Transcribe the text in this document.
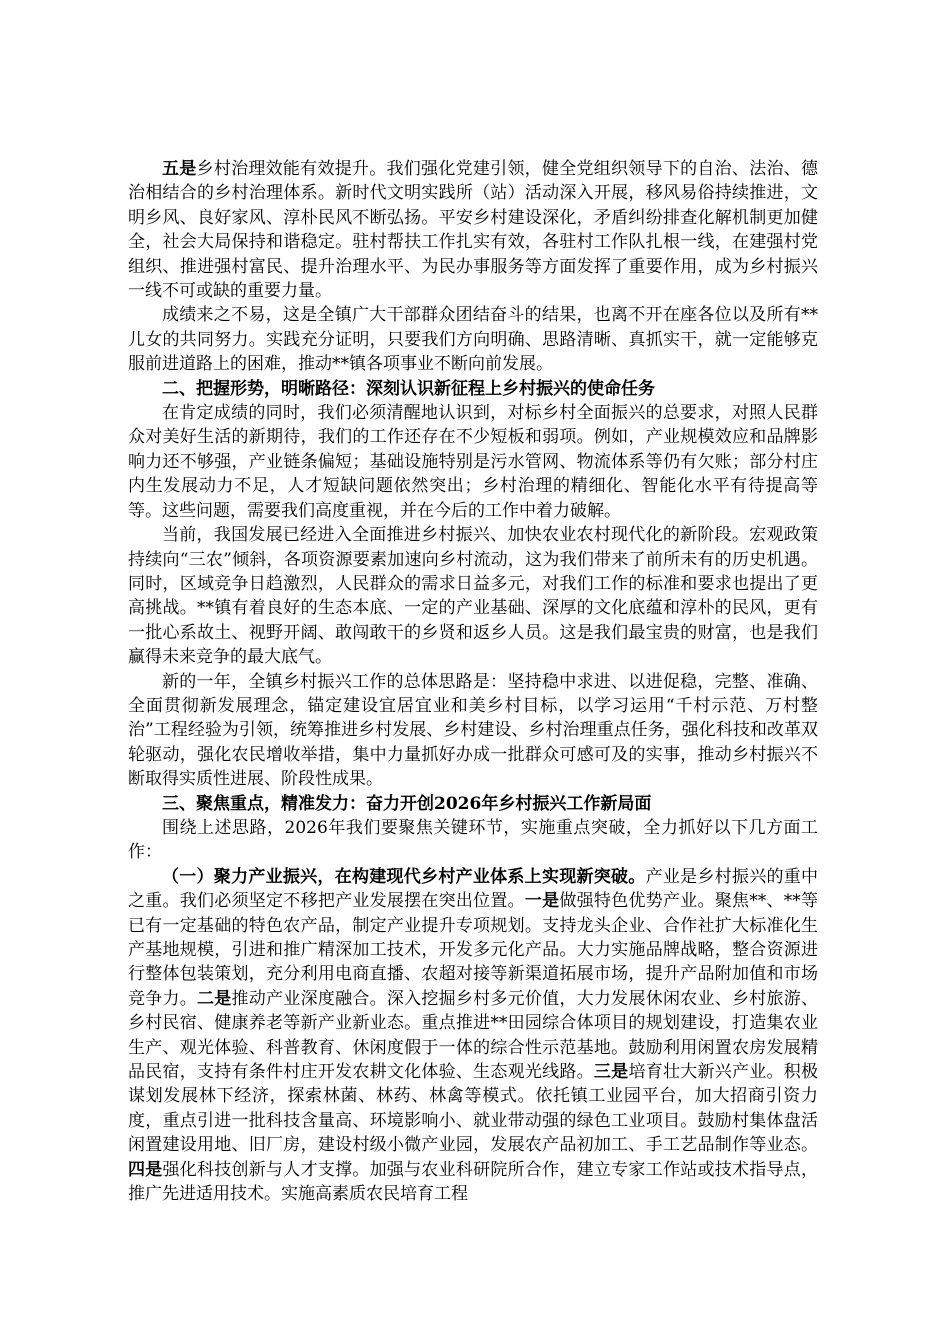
五是乡村治理效能有效提升。我们强化党建引领，健全党组织领导下的自治、法治、德治相结合的乡村治理体系。新时代文明实践所（站）活动深入开展，移风易俗持续推进，文明乡风、良好家风、淳朴民风不断弘扬。平安乡村建设深化，矛盾纠纷排查化解机制更加健全，社会大局保持和谐稳定。驻村帮扶工作扎实有效，各驻村工作队扎根一线，在建强村党组织、推进强村富民、提升治理水平、为民办事服务等方面发挥了重要作用，成为乡村振兴一线不可或缺的重要力量。

成绩来之不易，这是全镇广大干部群众团结奋斗的结果，也离不开在座各位以及所有**儿女的共同努力。实践充分证明，只要我们方向明确、思路清晰、真抓实干，就一定能够克服前进道路上的困难，推动**镇各项事业不断向前发展。

二、把握形势，明晰路径：深刻认识新征程上乡村振兴的使命任务

在肯定成绩的同时，我们必须清醒地认识到，对标乡村全面振兴的总要求，对照人民群众对美好生活的新期待，我们的工作还存在不少短板和弱项。例如，产业规模效应和品牌影响力还不够强，产业链条偏短；基础设施特别是污水管网、物流体系等仍有欠账；部分村庄内生发展动力不足，人才短缺问题依然突出；乡村治理的精细化、智能化水平有待提高等等。这些问题，需要我们高度重视，并在今后的工作中着力破解。

当前，我国发展已经进入全面推进乡村振兴、加快农业农村现代化的新阶段。宏观政策持续向“三农”倾斜，各项资源要素加速向乡村流动，这为我们带来了前所未有的历史机遇。同时，区域竞争日趋激烈，人民群众的需求日益多元，对我们工作的标准和要求也提出了更高挑战。**镇有着良好的生态本底、一定的产业基础、深厚的文化底蕴和淳朴的民风，更有一批心系故土、视野开阔、敢闯敢干的乡贤和返乡人员。这是我们最宝贵的财富，也是我们赢得未来竞争的最大底气。

新的一年，全镇乡村振兴工作的总体思路是：坚持稳中求进、以进促稳，完整、准确、全面贯彻新发展理念，锚定建设宜居宜业和美乡村目标，以学习运用“千村示范、万村整治”工程经验为引领，统筹推进乡村发展、乡村建设、乡村治理重点任务，强化科技和改革双轮驱动，强化农民增收举措，集中力量抓好办成一批群众可感可及的实事，推动乡村振兴不断取得实质性进展、阶段性成果。

三、聚焦重点，精准发力：奋力开创2026年乡村振兴工作新局面

围绕上述思路，2026年我们要聚焦关键环节，实施重点突破，全力抓好以下几方面工作：

（一）聚力产业振兴，在构建现代乡村产业体系上实现新突破。产业是乡村振兴的重中之重。我们必须坚定不移把产业发展摆在突出位置。一是做强特色优势产业。聚焦**、**等已有一定基础的特色农产品，制定产业提升专项规划。支持龙头企业、合作社扩大标准化生产基地规模，引进和推广精深加工技术，开发多元化产品。大力实施品牌战略，整合资源进行整体包装策划，充分利用电商直播、农超对接等新渠道拓展市场，提升产品附加值和市场竞争力。二是推动产业深度融合。深入挖掘乡村多元价值，大力发展休闲农业、乡村旅游、乡村民宿、健康养老等新产业新业态。重点推进**田园综合体项目的规划建设，打造集农业生产、观光体验、科普教育、休闲度假于一体的综合性示范基地。鼓励利用闲置农房发展精品民宿，支持有条件村庄开发农耕文化体验、生态观光线路。三是培育壮大新兴产业。积极谋划发展林下经济，探索林菌、林药、林禽等模式。依托镇工业园平台，加大招商引资力度，重点引进一批科技含量高、环境影响小、就业带动强的绿色工业项目。鼓励村集体盘活闲置建设用地、旧厂房，建设村级小微产业园，发展农产品初加工、手工艺品制作等业态。四是强化科技创新与人才支撑。加强与农业科研院所合作，建立专家工作站或技术指导点，推广先进适用技术。实施高素质农民培育工程
